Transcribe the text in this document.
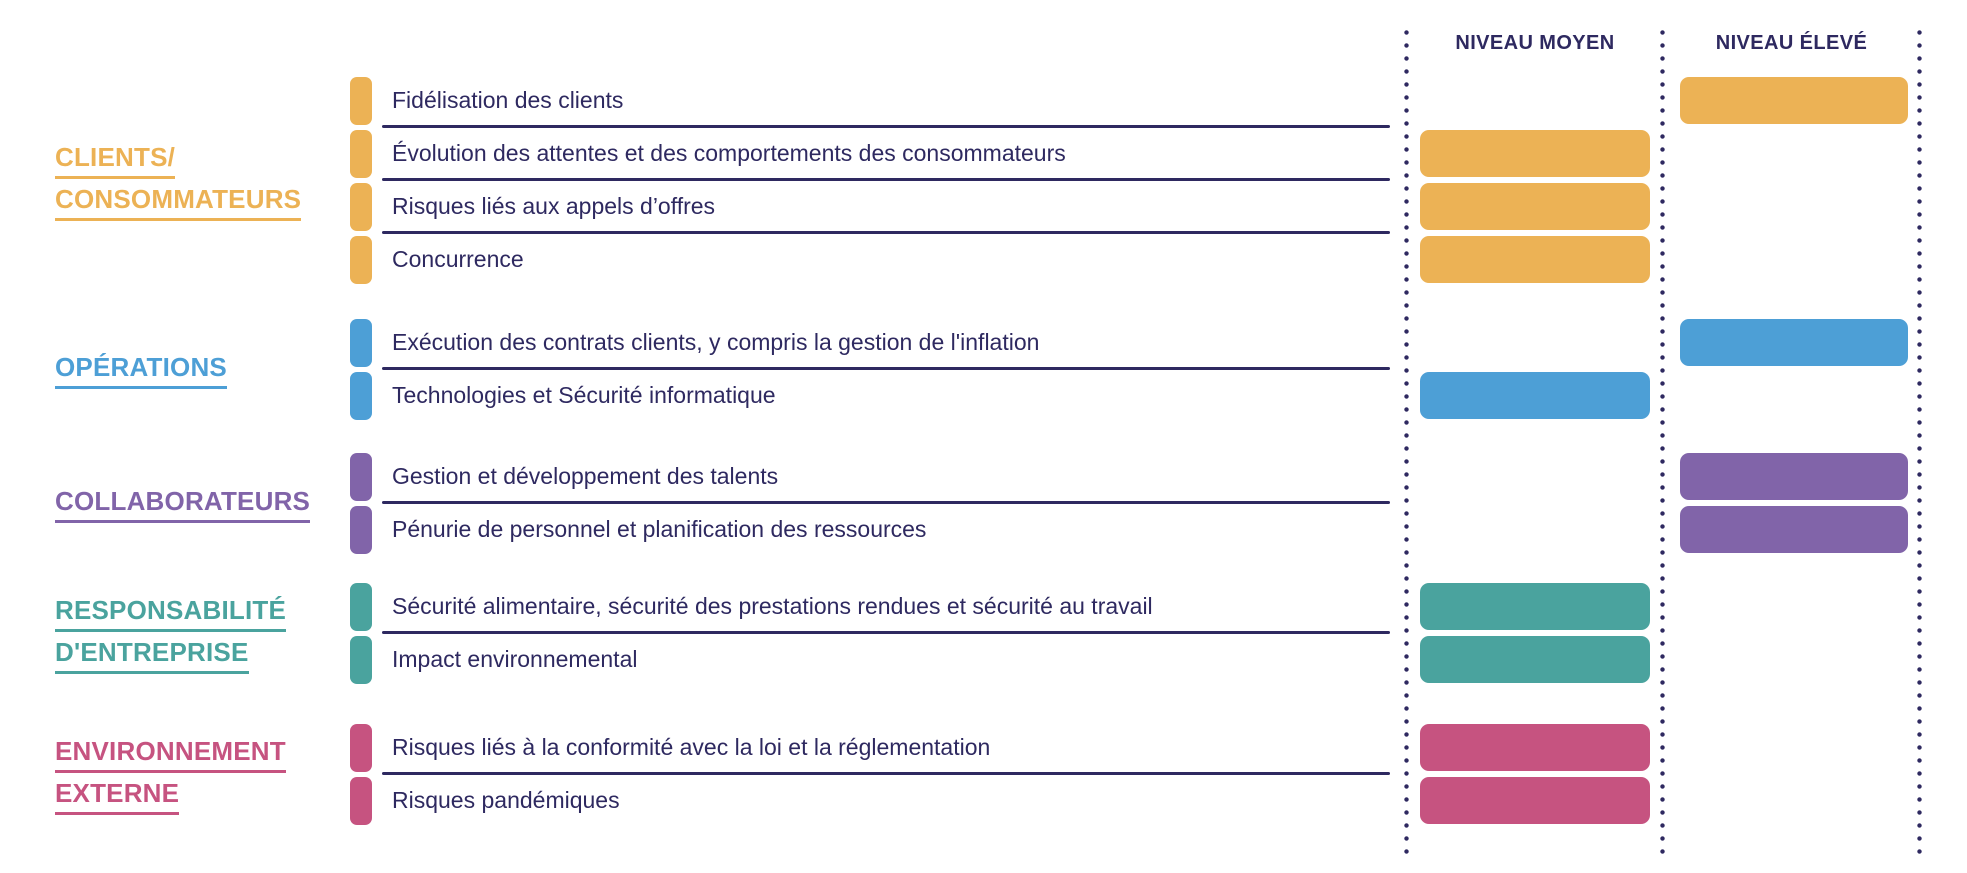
NIVEAU MOYEN	NIVEAU ÉLEVÉ
CLIENTS/
CONSOMMATEURS
OPÉRATIONS
COLLABORATEURS
RESPONSABILITÉ
D'ENTREPRISE
ENVIRONNEMENT
EXTERNE
Fidélisation des clients
Évolution des attentes et des comportements des consommateurs
Risques liés aux appels d’offres
Concurrence
Exécution des contrats clients, y compris la gestion de l'inflation
Technologies et Sécurité informatique
Gestion et développement des talents
Pénurie de personnel et planification des ressources
Sécurité alimentaire, sécurité des prestations rendues et sécurité au travail
Impact environnemental
Risques liés à la conformité avec la loi et la réglementation
Risques pandémiques
